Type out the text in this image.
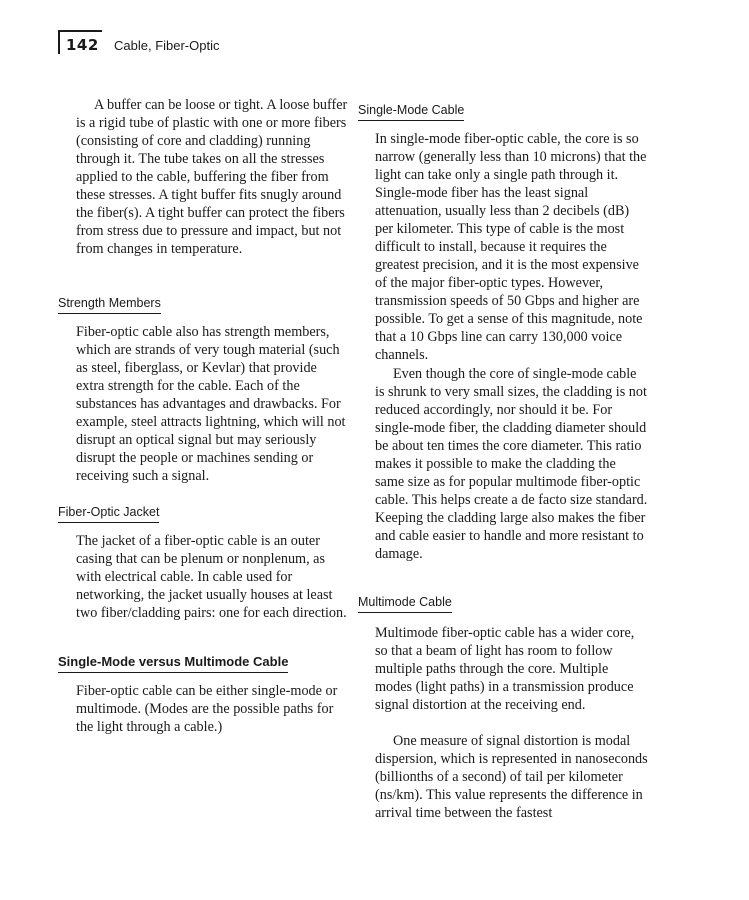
142 Cable, Fiber-Optic

A buffer can be loose or tight. A loose buffer is a rigid tube of plastic with one or more fibers (consisting of core and cladding) running through it. The tube takes on all the stresses applied to the cable, buffering the fiber from these stresses. A tight buffer fits snugly around the fiber(s). A tight buffer can protect the fibers from stress due to pressure and impact, but not from changes in temperature.

Strength Members

Fiber-optic cable also has strength members, which are strands of very tough material (such as steel, fiberglass, or Kevlar) that provide extra strength for the cable. Each of the substances has advantages and drawbacks. For example, steel attracts lightning, which will not disrupt an optical signal but may seriously disrupt the people or machines sending or receiving such a signal.

Fiber-Optic Jacket

The jacket of a fiber-optic cable is an outer casing that can be plenum or nonplenum, as with electrical cable. In cable used for networking, the jacket usually houses at least two fiber/cladding pairs: one for each direction.

Single-Mode versus Multimode Cable

Fiber-optic cable can be either single-mode or multimode. (Modes are the possible paths for the light through a cable.)

Single-Mode Cable

In single-mode fiber-optic cable, the core is so narrow (generally less than 10 microns) that the light can take only a single path through it. Single-mode fiber has the least signal attenuation, usually less than 2 decibels (dB) per kilometer. This type of cable is the most difficult to install, because it requires the greatest precision, and it is the most expensive of the major fiber-optic types. However, transmission speeds of 50 Gbps and higher are possible. To get a sense of this magnitude, note that a 10 Gbps line can carry 130,000 voice channels.

Even though the core of single-mode cable is shrunk to very small sizes, the cladding is not reduced accordingly, nor should it be. For single-mode fiber, the cladding diameter should be about ten times the core diameter. This ratio makes it possible to make the cladding the same size as for popular multimode fiber-optic cable. This helps create a de facto size standard. Keeping the cladding large also makes the fiber and cable easier to handle and more resistant to damage.

Multimode Cable

Multimode fiber-optic cable has a wider core, so that a beam of light has room to follow multiple paths through the core. Multiple modes (light paths) in a transmission produce signal distortion at the receiving end.

One measure of signal distortion is modal dispersion, which is represented in nanoseconds (billionths of a second) of tail per kilometer (ns/km). This value represents the difference in arrival time between the fastest
